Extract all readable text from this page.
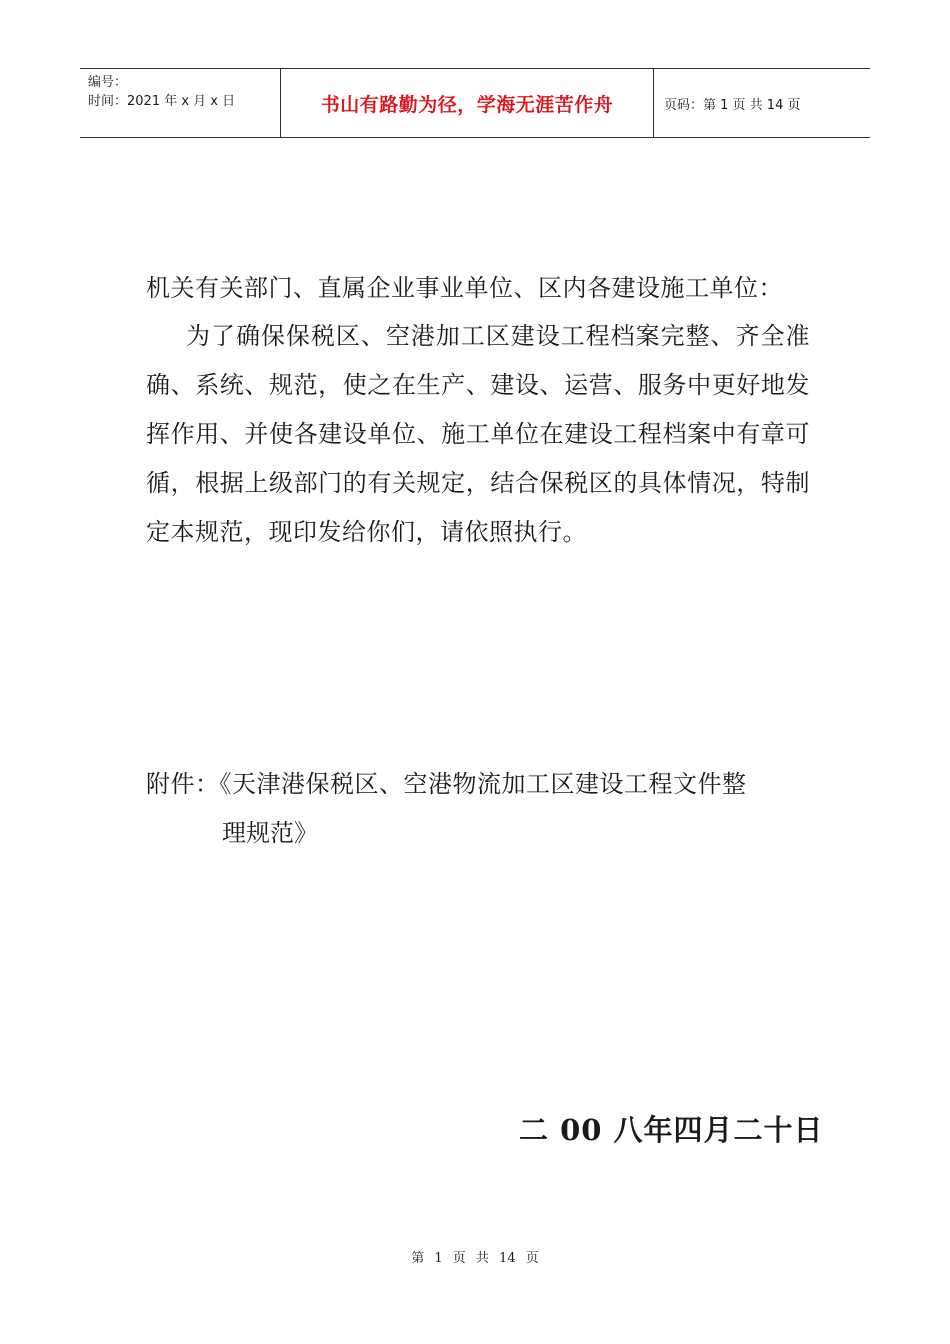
编号：
时间：2021 年 x 月 x 日	书山有路勤为径，学海无涯苦作舟	页码：第 1 页 共 14 页
机关有关部门、直属企业事业单位、区内各建设施工单位：
为了确保保税区、空港加工区建设工程档案完整、齐全准确、系统、规范，使之在生产、建设、运营、服务中更好地发挥作用、并使各建设单位、施工单位在建设工程档案中有章可循，根据上级部门的有关规定，结合保税区的具体情况，特制定本规范，现印发给你们，请依照执行。
附件：《天津港保税区、空港物流加工区建设工程文件整
理规范》
二 00 八年四月二十日
第 1 页 共 14 页
